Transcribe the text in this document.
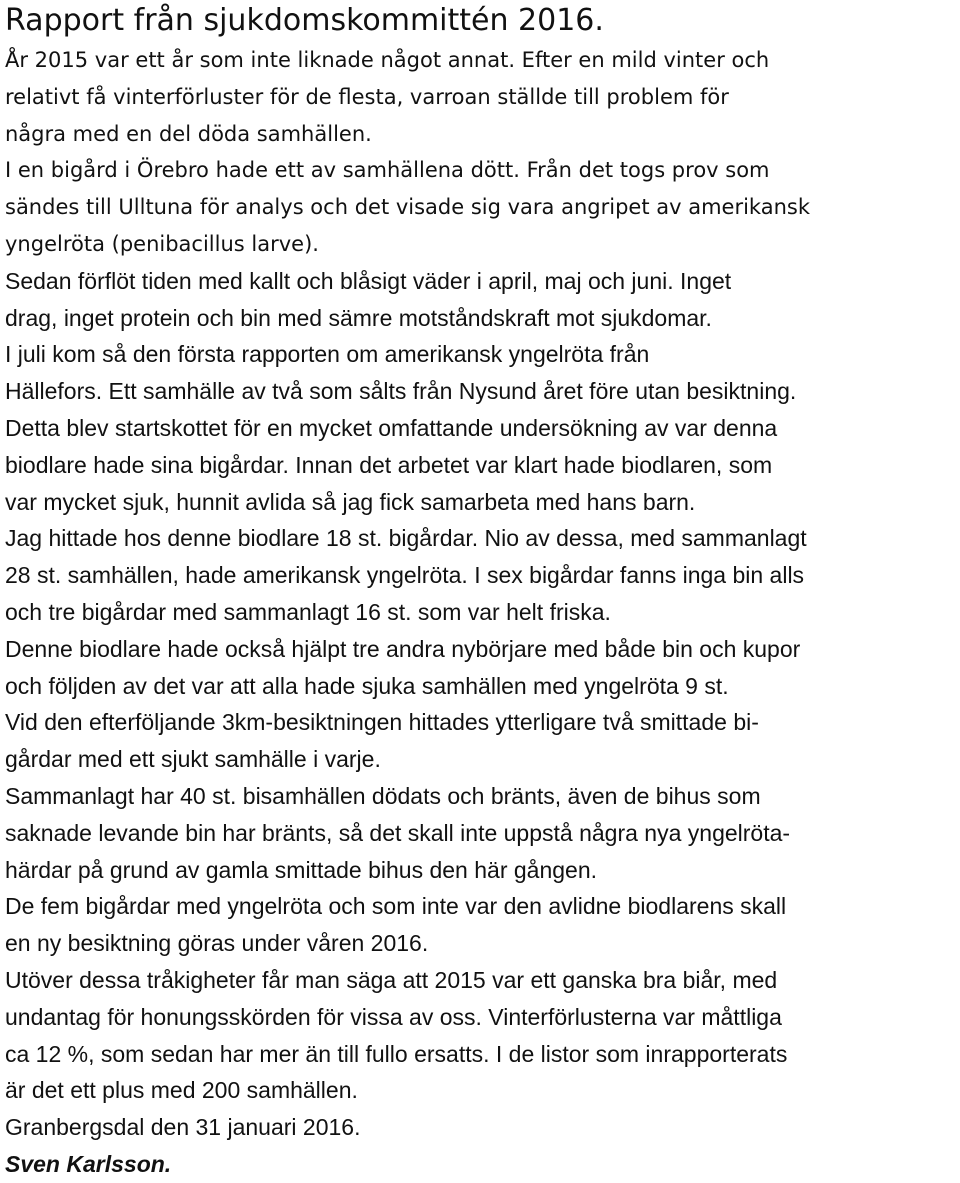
Rapport från sjukdomskommittén 2016.

År 2015 var ett år som inte liknade något annat. Efter en mild vinter och

relativt få vinterförluster för de flesta, varroan ställde till problem för

några med en del döda samhällen.

I en bigård i Örebro hade ett av samhällena dött. Från det togs prov som

sändes till Ulltuna för analys och det visade sig vara angripet av amerikansk

yngelröta (penibacillus larve).

Sedan förflöt tiden med kallt och blåsigt väder i april, maj och juni. Inget

drag, inget protein och bin med sämre motståndskraft mot sjukdomar.

I juli kom så den första rapporten om amerikansk yngelröta från

Hällefors. Ett samhälle av två som sålts från Nysund året före utan besiktning.

Detta blev startskottet för en mycket omfattande undersökning av var denna

biodlare hade sina bigårdar. Innan det arbetet var klart hade biodlaren, som

var mycket sjuk, hunnit avlida så jag fick samarbeta med hans barn.

Jag hittade hos denne biodlare 18 st. bigårdar. Nio av dessa, med sammanlagt

28 st. samhällen, hade amerikansk yngelröta. I sex bigårdar fanns inga bin alls

och tre bigårdar med sammanlagt 16 st. som var helt friska.

Denne biodlare hade också hjälpt tre andra nybörjare med både bin och kupor

och följden av det var att alla hade sjuka samhällen med yngelröta 9 st.

Vid den efterföljande 3km-besiktningen hittades ytterligare två smittade bi-

gårdar med ett sjukt samhälle i varje.

Sammanlagt har 40 st. bisamhällen dödats och bränts, även de bihus som

saknade levande bin har bränts, så det skall inte uppstå några nya yngelröta-

härdar på grund av gamla smittade bihus den här gången.

De fem bigårdar med yngelröta och som inte var den avlidne biodlarens skall

en ny besiktning göras under våren 2016.

Utöver dessa tråkigheter får man säga att 2015 var ett ganska bra biår, med

undantag för honungsskörden för vissa av oss. Vinterförlusterna var måttliga

ca 12 %, som sedan har mer än till fullo ersatts. I de listor som inrapporterats

är det ett plus med 200 samhällen.

Granbergsdal den 31 januari 2016.

Sven Karlsson.
